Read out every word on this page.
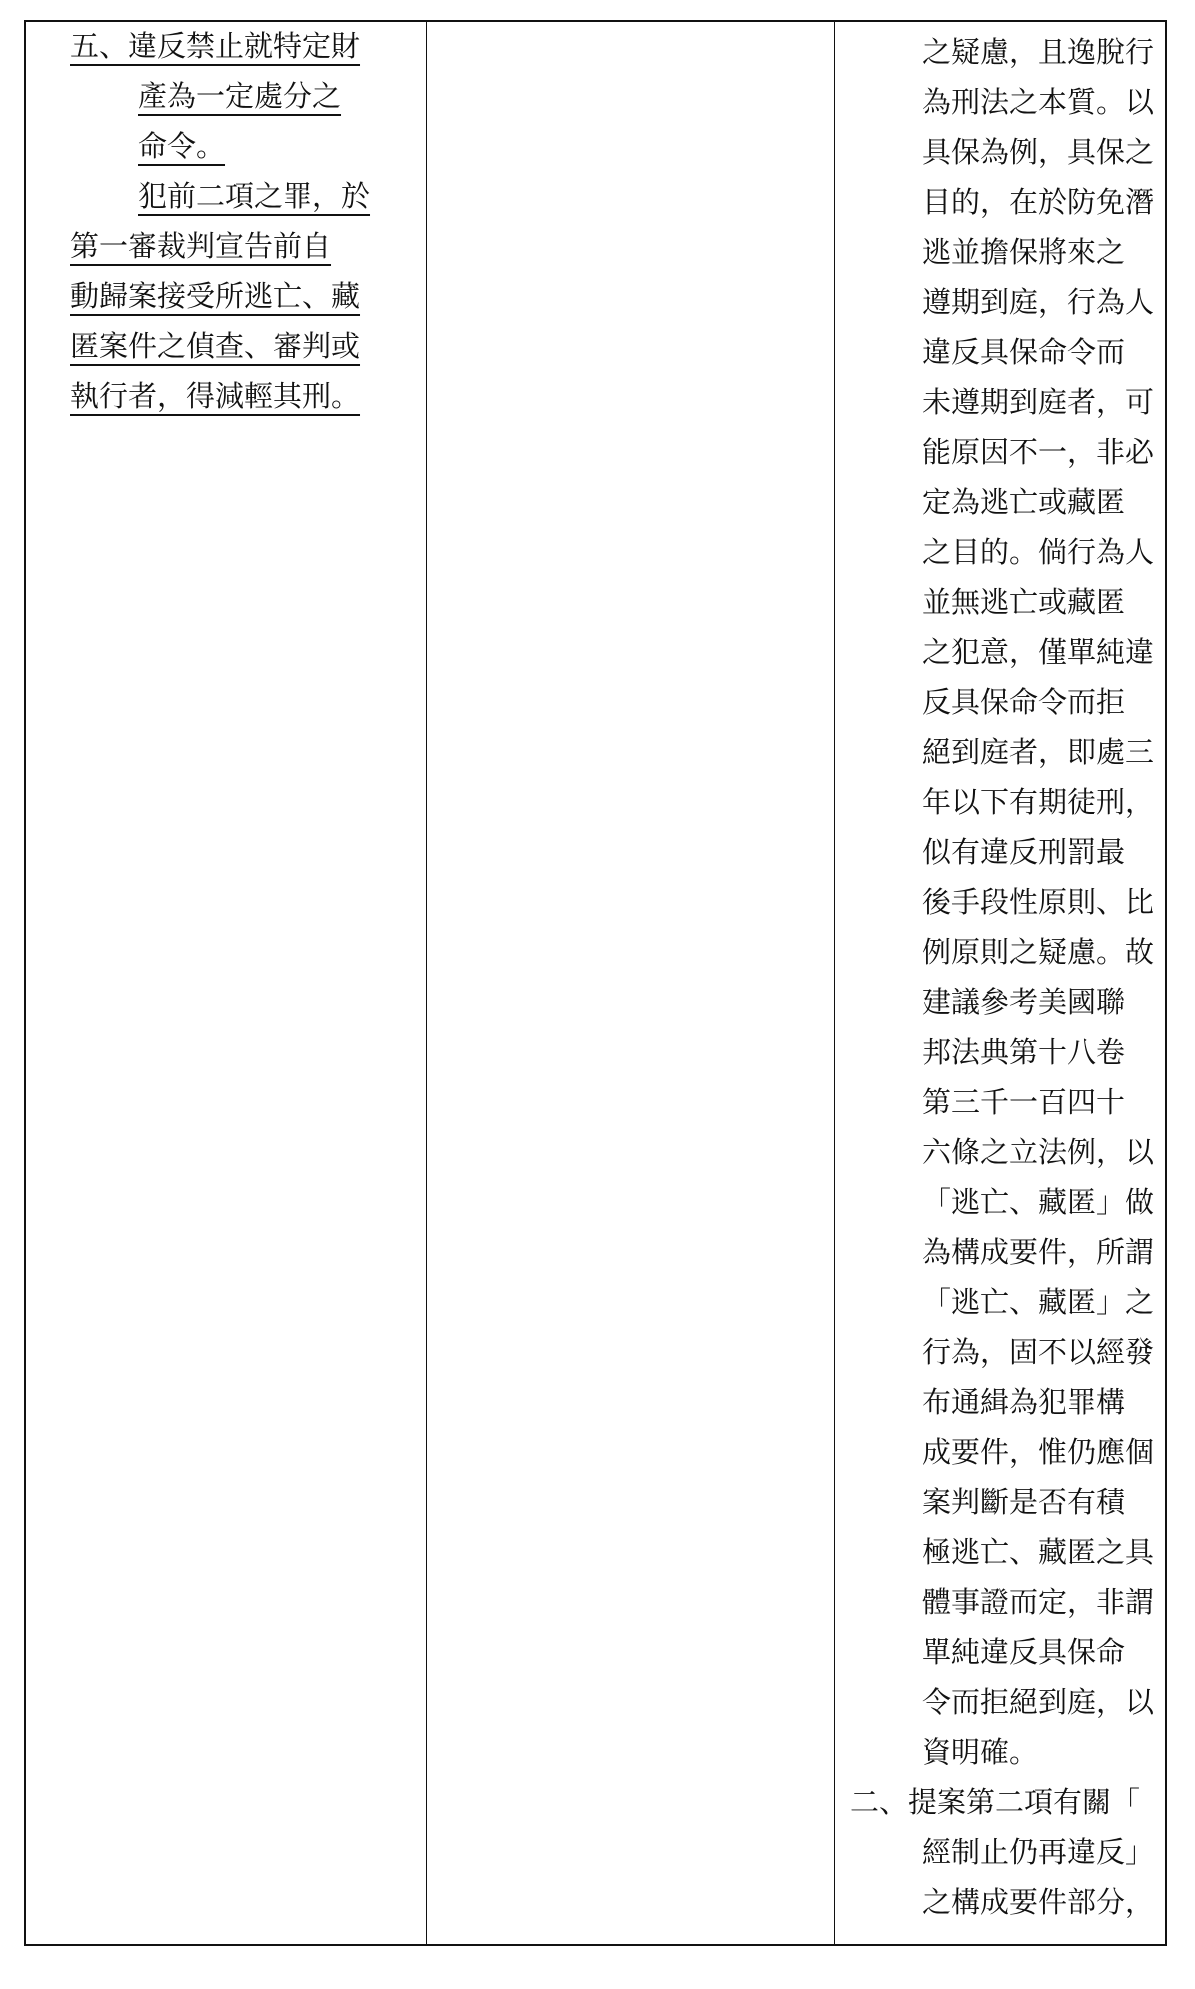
五、違反禁止就特定財
產為一定處分之
命令。
犯前二項之罪，於
第一審裁判宣告前自
動歸案接受所逃亡、藏
匿案件之偵查、審判或
執行者，得減輕其刑。
之疑慮，且逸脫行
為刑法之本質。以
具保為例，具保之
目的，在於防免潛
逃並擔保將來之
遵期到庭，行為人
違反具保命令而
未遵期到庭者，可
能原因不一，非必
定為逃亡或藏匿
之目的。倘行為人
並無逃亡或藏匿
之犯意，僅單純違
反具保命令而拒
絕到庭者，即處三
年以下有期徒刑，
似有違反刑罰最
後手段性原則、比
例原則之疑慮。故
建議參考美國聯
邦法典第十八卷
第三千一百四十
六條之立法例，以
「逃亡、藏匿」做
為構成要件，所謂
「逃亡、藏匿」之
行為，固不以經發
布通緝為犯罪構
成要件，惟仍應個
案判斷是否有積
極逃亡、藏匿之具
體事證而定，非謂
單純違反具保命
令而拒絕到庭，以
資明確。
二、提案第二項有關「
經制止仍再違反」
之構成要件部分，
